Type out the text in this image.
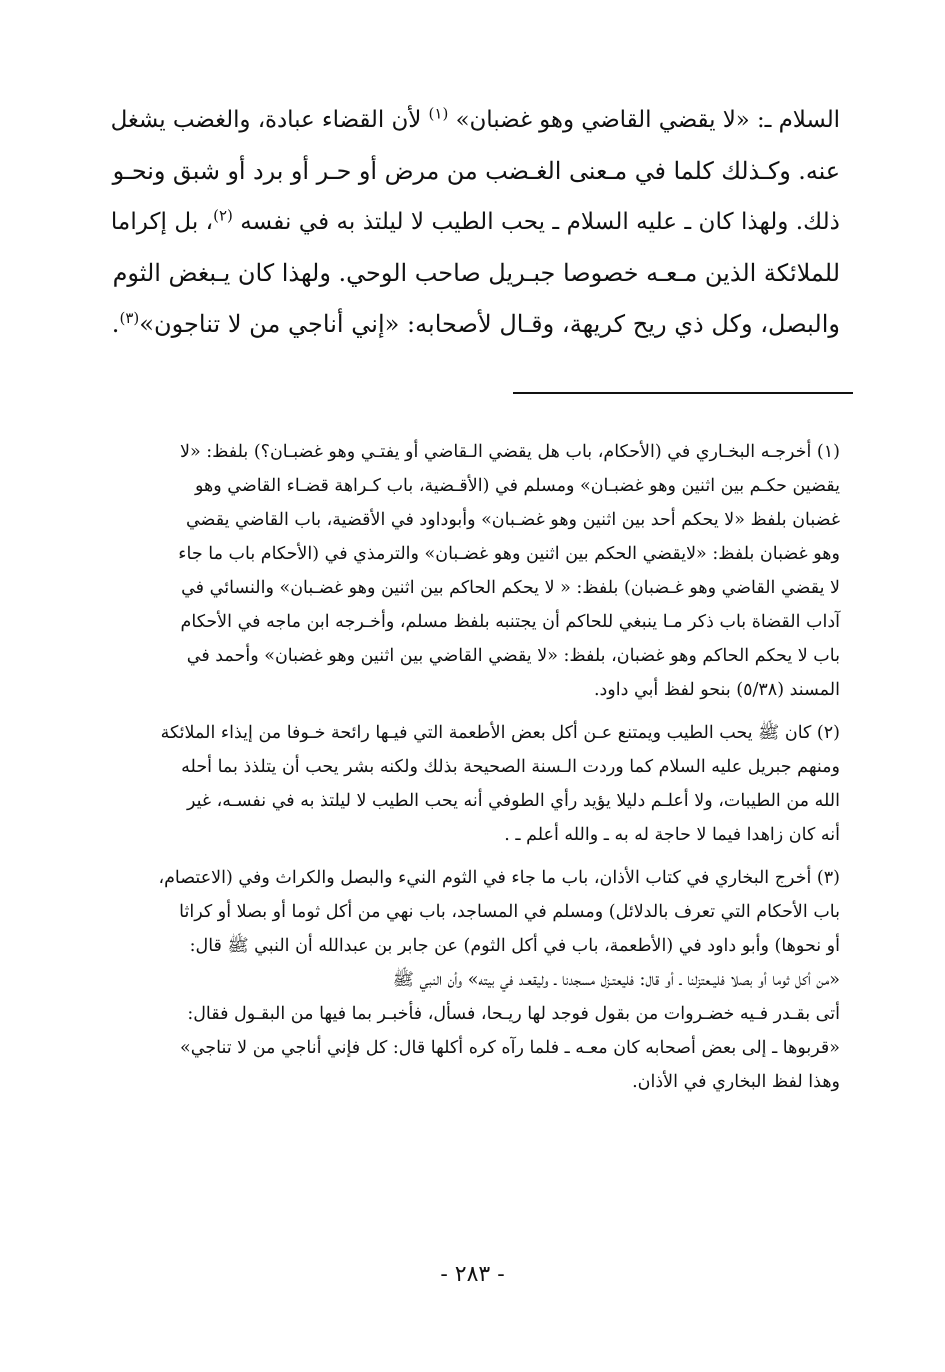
السلام ـ: «لا يقضي القاضي وهو غضبان» $^{(١)}$ لأن القضاء عبادة، والغضب يشغل
عنه. وكـذلك كلما في مـعنى الغـضب من مرض أو حـر أو برد أو شبق ونحـو
ذلك. ولهذا كان ـ عليه السلام ـ يحب الطيب لا ليلتذ به في نفسه $^{(٢)}$، بل إكراما
للملائكة الذين مـعـه خصوصا جبـريل صاحب الوحي. ولهذا كان يـبغض الثوم
والبصل، وكل ذي ريح كريهة، وقـال لأصحابه: «إني أناجي من لا تناجون»$^{(٣)}$.

(١) أخرجـه البخـاري في (الأحكام، باب هل يقضي الـقاضي أو يفتـي وهو غضبـان؟) بلفظ: «لا
يقضين حكـم بين اثنين وهو غضبـان» ومسلم في (الأقـضية، باب كـراهة قضـاء القاضي وهو
غضبان بلفظ «لا يحكم أحد بين اثنين وهو غضـبان» وأبوداود في الأقضية، باب القاضي يقضي
وهو غضبان بلفظ: «لايقضي الحكم بين اثنين وهو غضـبان» والترمذي في (الأحكام باب ما جاء
لا يقضي القاضي وهو غـضبان) بلفظ: « لا يحكم الحاكم بين اثنين وهو غضـبان» والنسائي في
آداب القضاة باب ذكر مـا ينبغي للحاكم أن يجتنبه بلفظ مسلم، وأخـرجه ابن ماجه في الأحكام
باب لا يحكم الحاكم وهو غضبان، بلفظ: «لا يقضي القاضي بين اثنين وهو غضبان» وأحمد في
المسند (٥/٣٨) بنحو لفظ أبي داود.
(٢) كان ﷺ يحب الطيب ويمتنع عـن أكل بعض الأطعمة التي فيـها رائحة خـوفا من إيذاء الملائكة
ومنهم جبريل عليه السلام كما وردت الـسنة الصحيحة بذلك ولكنه بشر يحب أن يتلذذ بما أحله
الله من الطيبات، ولا أعلـم دليلا يؤيد رأي الطوفي أنه يحب الطيب لا ليلتذ به في نفسـه، غير
أنه كان زاهدا فيما لا حاجة له به ـ والله أعلم ـ .
(٣) أخرج البخاري في كتاب الأذان، باب ما جاء في الثوم النيء والبصل والكراث وفي (الاعتصام،
باب الأحكام التي تعرف بالدلائل) ومسلم في المساجد، باب نهي من أكل ثوما أو بصلا أو كراثا
أو نحوها) وأبو داود في (الأطعمة، باب في أكل الثوم) عن جابر بن عبدالله أن النبي ﷺ قال:
«من أكل ثوما أو بصلا فليـعتزلنا ـ أو قال: فليعتـزل مسجدنا ـ وليقعـد في بيته» وأن النبي ﷺ
أتى بقـدر فـيه خضـروات من بقول فوجد لها ريـحا، فسأل، فأخبـر بما فيها من البقـول فقال:
«قربوها ـ إلى بعض أصحابه كان معـه ـ فلما رآه كره أكلها قال: كل فإني أناجي من لا تناجي»
وهذا لفظ البخاري في الأذان.
- ٢٨٣ -
